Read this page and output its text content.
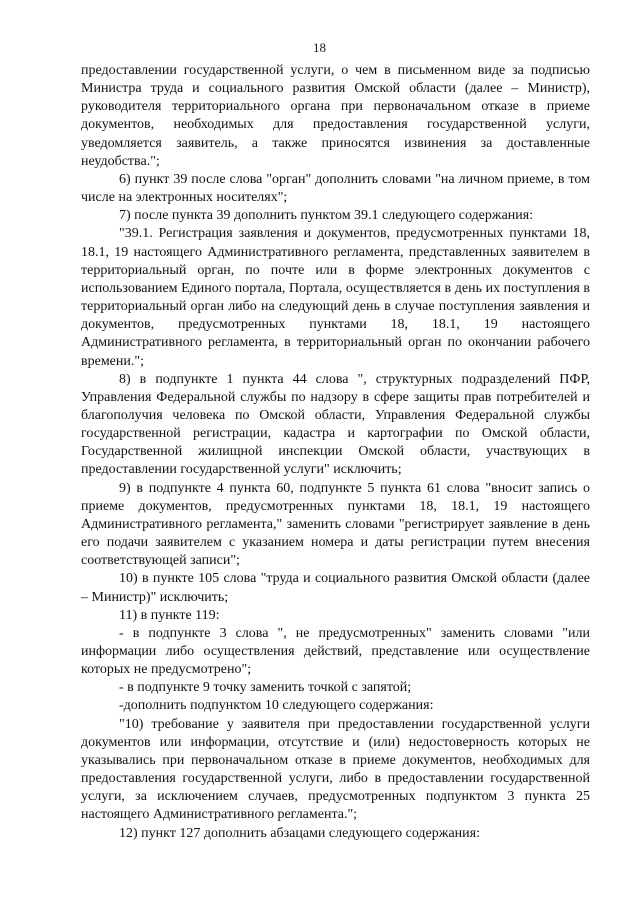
18

предоставлении государственной услуги, о чем в письменном виде за подписью Министра труда и социального развития Омской области (далее – Министр), руководителя территориального органа при первоначальном отказе в приеме документов, необходимых для предоставления государственной услуги, уведомляется заявитель, а также приносятся извинения за доставленные неудобства.";

6) пункт 39 после слова "орган" дополнить словами "на личном приеме, в том числе на электронных носителях";

7) после пункта 39 дополнить пунктом 39.1 следующего содержания:

"39.1. Регистрация заявления и документов, предусмотренных пунктами 18, 18.1, 19 настоящего Административного регламента, представленных заявителем в территориальный орган, по почте или в форме электронных документов с использованием Единого портала, Портала, осуществляется в день их поступления в территориальный орган либо на следующий день в случае поступления заявления и документов, предусмотренных пунктами 18, 18.1, 19 настоящего Административного регламента, в территориальный орган по окончании рабочего времени.";

8) в подпункте 1 пункта 44 слова ", структурных подразделений ПФР, Управления Федеральной службы по надзору в сфере защиты прав потребителей и благополучия человека по Омской области, Управления Федеральной службы государственной регистрации, кадастра и картографии по Омской области, Государственной жилищной инспекции Омской области, участвующих в предоставлении государственной услуги" исключить;

9) в подпункте 4 пункта 60, подпункте 5 пункта 61 слова "вносит запись о приеме документов, предусмотренных пунктами 18, 18.1, 19 настоящего Административного регламента," заменить словами "регистрирует заявление в день его подачи заявителем с указанием номера и даты регистрации путем внесения соответствующей записи";

10) в пункте 105 слова "труда и социального развития Омской области (далее – Министр)" исключить;

11) в пункте 119:

- в подпункте 3 слова ", не предусмотренных" заменить словами "или информации либо осуществления действий, представление или осуществление которых не предусмотрено";

- в подпункте 9 точку заменить точкой с запятой;

-дополнить подпунктом 10 следующего содержания:

"10) требование у заявителя при предоставлении государственной услуги документов или информации, отсутствие и (или) недостоверность которых не указывались при первоначальном отказе в приеме документов, необходимых для предоставления государственной услуги, либо в предоставлении государственной услуги, за исключением случаев, предусмотренных подпунктом 3 пункта 25 настоящего Административного регламента.";

12) пункт 127 дополнить абзацами следующего содержания:
